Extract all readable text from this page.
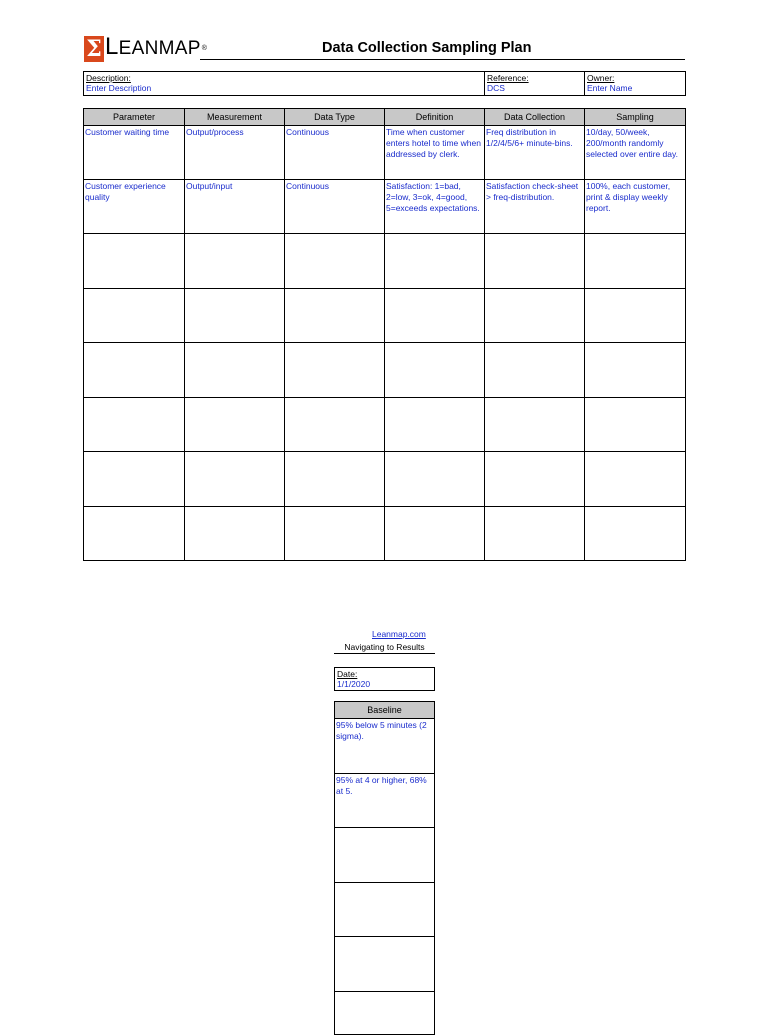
Σ LEANMAP®	Data Collection Sampling Plan
Description:
Enter Description

Reference:
DCS

Owner:
Enter Name
Parameter	Measurement	Data Type	Definition	Data Collection	Sampling
Customer waiting time	Output/process	Continuous	Time when customer enters hotel to time when addressed by clerk.	Freq distribution in 1/2/4/5/6+ minute-bins.	10/day, 50/week, 200/month randomly selected over entire day.
Customer experience quality	Output/input	Continuous	Satisfaction: 1=bad, 2=low, 3=ok, 4=good, 5=exceeds expectations.	Satisfaction check-sheet > freq-distribution.	100%, each customer, print & display weekly report.

Leanmap.com
Navigating to Results
Date:
1/1/2020
Baseline
95% below 5 minutes (2 sigma).
95% at 4 or higher, 68% at 5.
